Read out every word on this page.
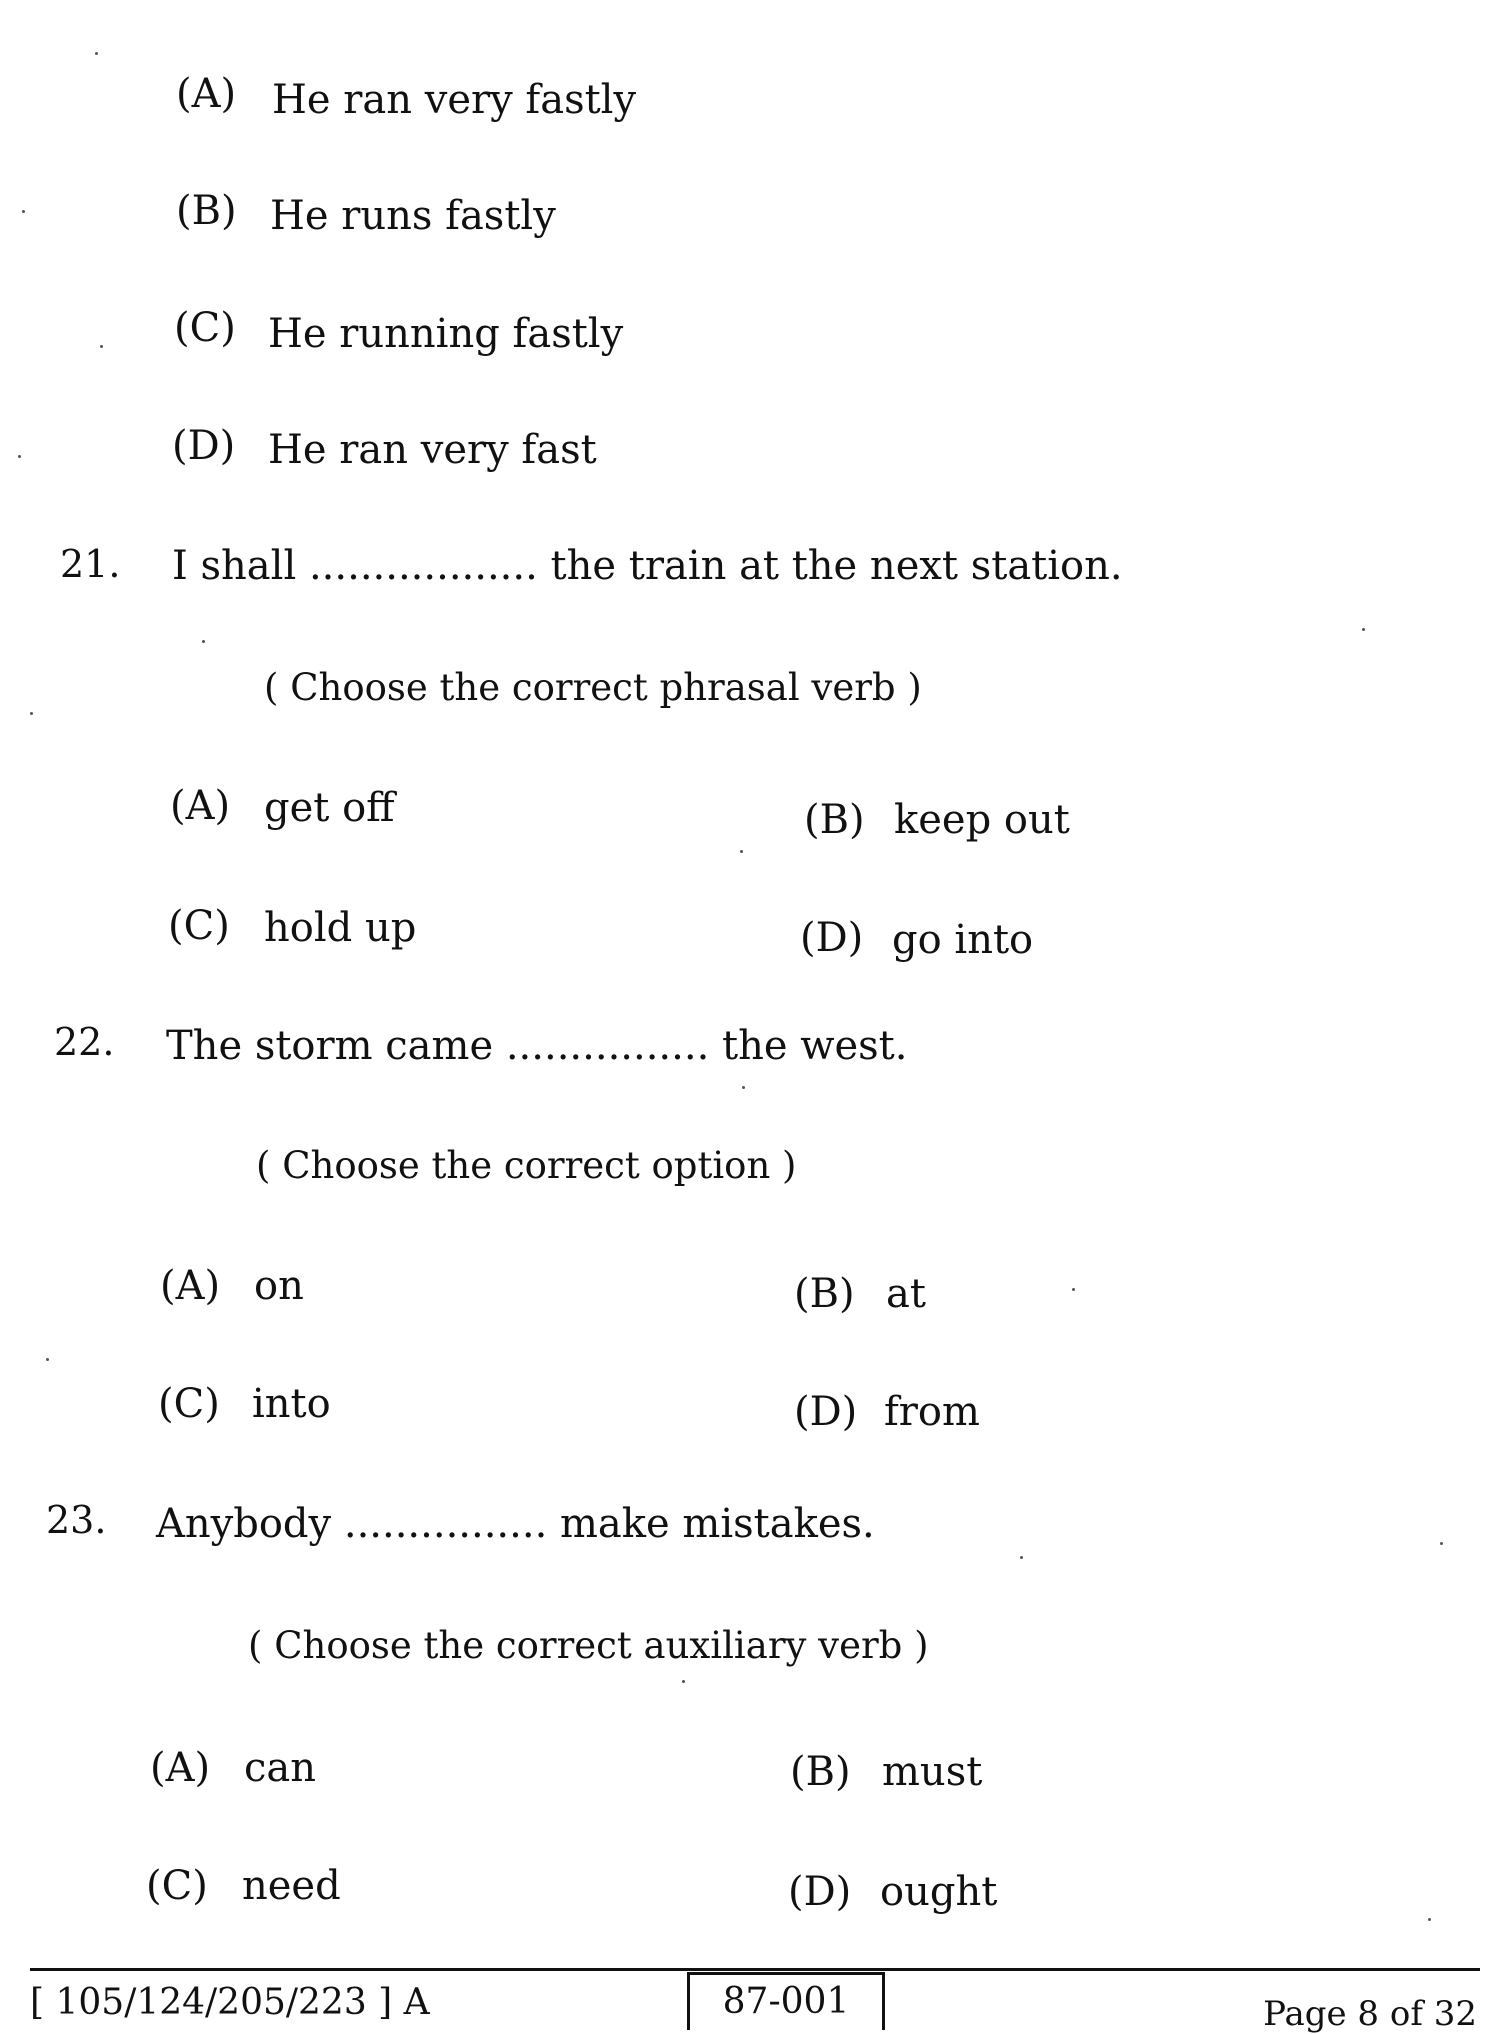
(A) He ran very fastly
(B) He runs fastly
(C) He running fastly
(D) He ran very fast
21. I shall .................. the train at the next station.
( Choose the correct phrasal verb )
(A) get off	(B) keep out
(C) hold up	(D) go into
22. The storm came ................ the west.
( Choose the correct option )
(A) on	(B) at
(C) into	(D) from
23. Anybody ................ make mistakes.
( Choose the correct auxiliary verb )
(A) can	(B) must
(C) need	(D) ought
[ 105/124/205/223 ] A	87-001	Page 8 of 32
